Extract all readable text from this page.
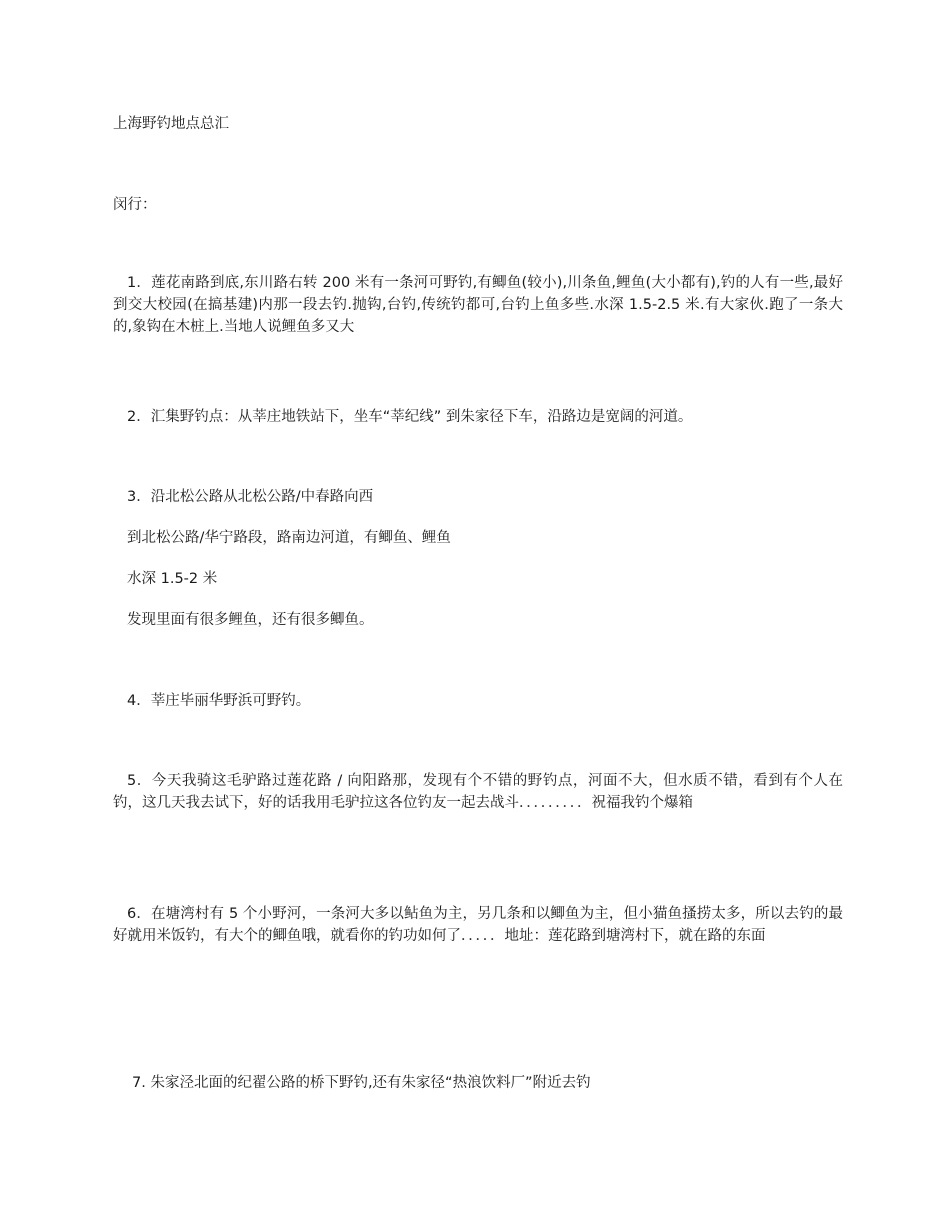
上海野钓地点总汇
闵行：
1．莲花南路到底,东川路右转 200 米有一条河可野钓,有鲫鱼(较小),川条鱼,鲤鱼(大小都有),钓的人有一些,最好到交大校园(在搞基建)内那一段去钓.抛钩,台钓,传统钓都可,台钓上鱼多些.水深 1.5-2.5 米.有大家伙.跑了一条大的,象钩在木桩上.当地人说鲤鱼多又大
2．汇集野钓点：从莘庄地铁站下，坐车“莘纪线” 到朱家径下车，沿路边是宽阔的河道。
3．沿北松公路从北松公路/中春路向西
到北松公路/华宁路段，路南边河道，有鲫鱼、鲤鱼
水深 1.5-2 米
发现里面有很多鲤鱼，还有很多鲫鱼。
4．莘庄毕丽华野浜可野钓。
5．今天我骑这毛驴路过莲花路 / 向阳路那，发现有个不错的野钓点，河面不大，但水质不错，看到有个人在钓，这几天我去试下，好的话我用毛驴拉这各位钓友一起去战斗．．．．．．．．．祝福我钓个爆箱
6．在塘湾村有 5 个小野河，一条河大多以鲇鱼为主，另几条和以鲫鱼为主，但小猫鱼搔捞太多，所以去钓的最好就用米饭钓，有大个的鲫鱼哦，就看你的钓功如何了．．．．．地址：莲花路到塘湾村下，就在路的东面
7. 朱家泾北面的纪翟公路的桥下野钓,还有朱家径“热浪饮料厂”附近去钓
